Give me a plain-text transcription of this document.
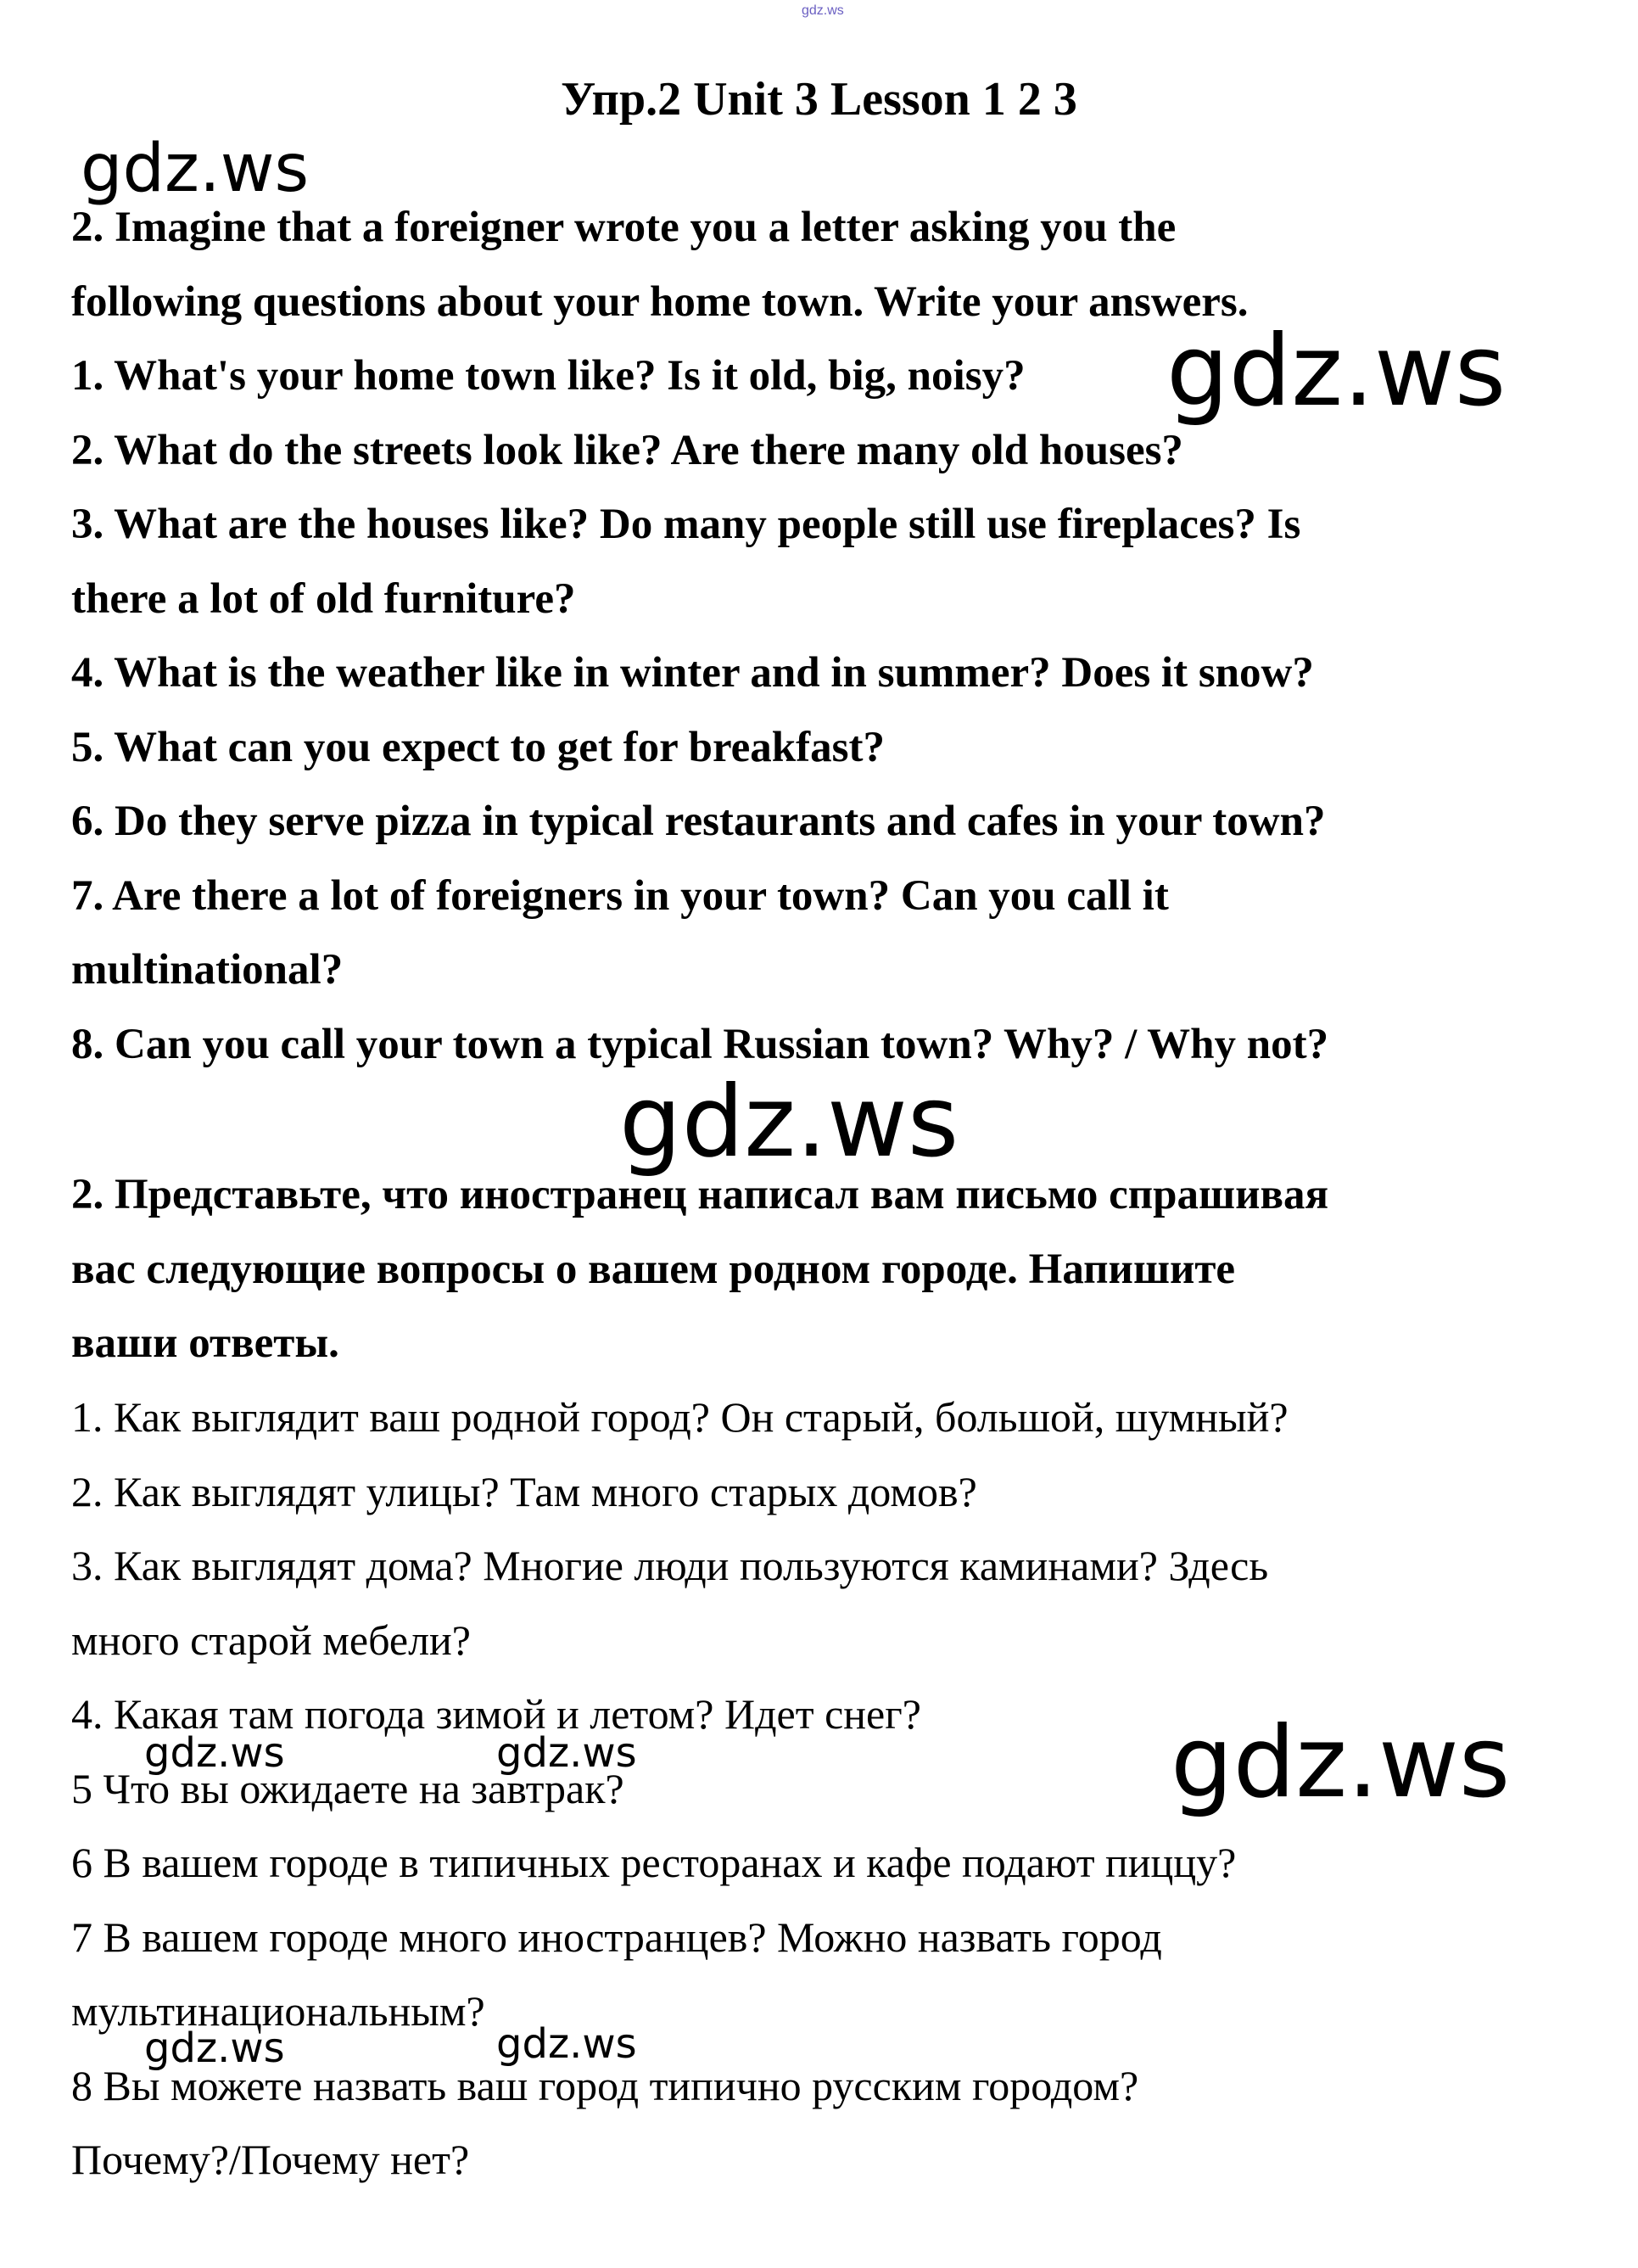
gdz.ws
Упр.2 Unit 3 Lesson 1 2 3
2. Imagine that a foreigner wrote you a letter asking you the
following questions about your home town. Write your answers.
1. What's your home town like? Is it old, big, noisy?
2. What do the streets look like? Are there many old houses?
3. What are the houses like? Do many people still use fireplaces? Is
there a lot of old furniture?
4. What is the weather like in winter and in summer? Does it snow?
5. What can you expect to get for breakfast?
6. Do they serve pizza in typical restaurants and cafes in your town?
7. Are there a lot of foreigners in your town? Can you call it
multinational?
8. Can you call your town a typical Russian town? Why? / Why not?
2. Представьте, что иностранец написал вам письмо спрашивая
вас следующие вопросы о вашем родном городе. Напишите
ваши ответы.
1. Как выглядит ваш родной город? Он старый, большой, шумный?
2. Как выглядят улицы? Там много старых домов?
3. Как выглядят дома? Многие люди пользуются каминами? Здесь
много старой мебели?
4. Какая там погода зимой и летом? Идет снег?
5 Что вы ожидаете на завтрак?
6 В вашем городе в типичных ресторанах и кафе подают пиццу?
7 В вашем городе много иностранцев? Можно назвать город
мультинациональным?
8 Вы можете назвать ваш город типично русским городом?
Почему?/Почему нет?
gdz.ws
gdz.ws
gdz.ws
gdz.ws
gdz.ws	gdz.ws
gdz.ws	gdz.ws
